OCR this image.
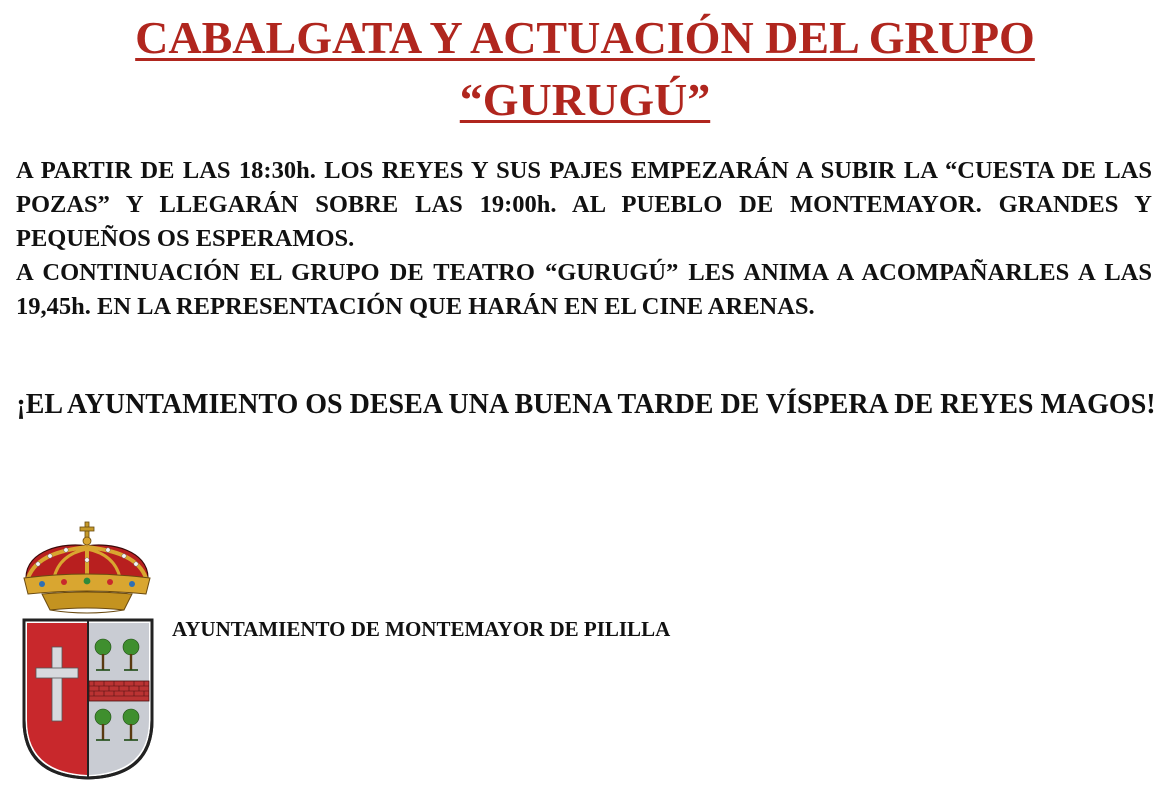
CABALGATA Y ACTUACIÓN DEL GRUPO
“GURUGÚ”

A PARTIR DE LAS 18:30h. LOS REYES Y SUS PAJES EMPEZARÁN A SUBIR LA “CUESTA DE LAS POZAS” Y LLEGARÁN SOBRE LAS 19:00h. AL PUEBLO DE MONTEMAYOR. GRANDES Y PEQUEÑOS OS ESPERAMOS.

A CONTINUACIÓN EL GRUPO DE TEATRO “GURUGÚ” LES ANIMA A ACOMPAÑARLES A LAS 19,45h. EN LA REPRESENTACIÓN QUE HARÁN EN EL CINE ARENAS.

¡EL AYUNTAMIENTO OS DESEA UNA BUENA TARDE DE VÍSPERA DE REYES MAGOS!

AYUNTAMIENTO DE MONTEMAYOR DE PILILLA
